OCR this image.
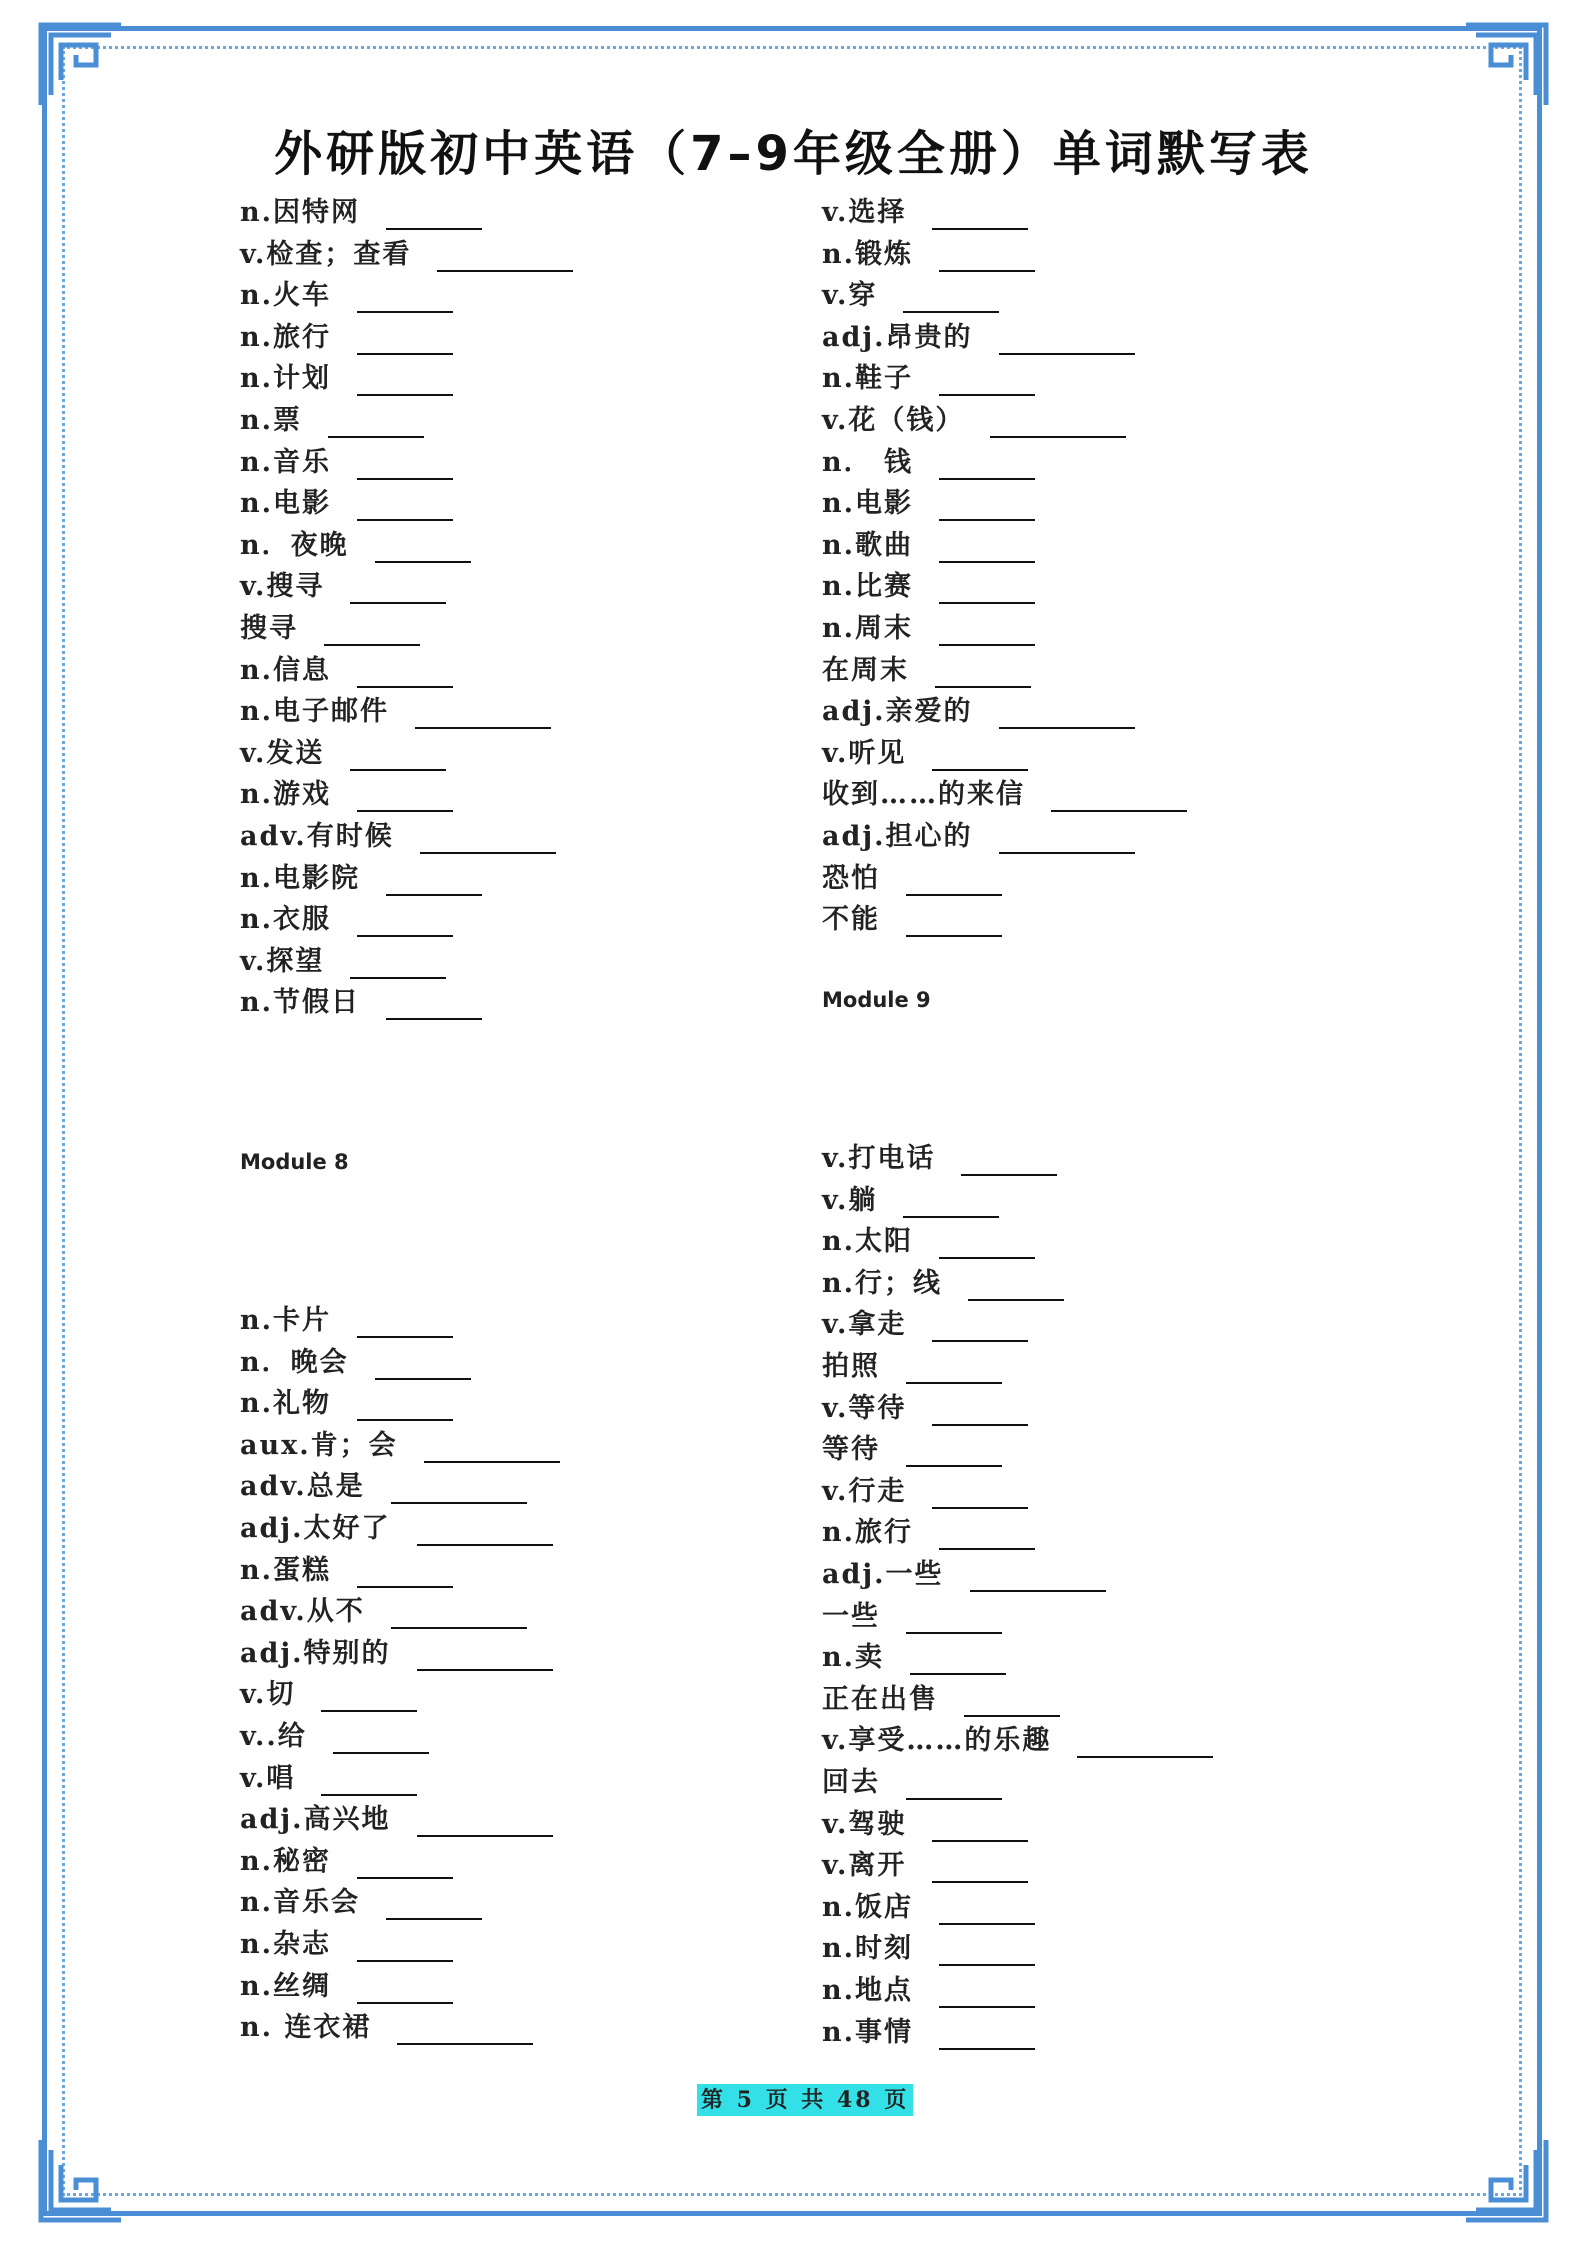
外研版初中英语（7–9年级全册）单词默写表
n.因特网
v.检查；查看
n.火车
n.旅行
n.计划
n.票
n.音乐
n.电影
n．夜晚
v.搜寻
搜寻
n.信息
n.电子邮件
v.发送
n.游戏
adv.有时候
n.电影院
n.衣服
v.探望
n.节假日
Module 8
n.卡片
n．晚会
n.礼物
aux.肯；会
adv.总是
adj.太好了
n.蛋糕
adv.从不
adj.特别的
v.切
v..给
v.唱
adj.高兴地
n.秘密
n.音乐会
n.杂志
n.丝绸
n. 连衣裙
v.选择
n.锻炼
v.穿
adj.昂贵的
n.鞋子
v.花（钱）
n． 钱
n.电影
n.歌曲
n.比赛
n.周末
在周末
adj.亲爱的
v.听见
收到……的来信
adj.担心的
恐怕
不能
Module 9
v.打电话
v.躺
n.太阳
n.行；线
v.拿走
拍照
v.等待
等待
v.行走
n.旅行
adj.一些
一些
n.卖
正在出售
v.享受……的乐趣
回去
v.驾驶
v.离开
n.饭店
n.时刻
n.地点
n.事情
第 5 页 共 48 页
